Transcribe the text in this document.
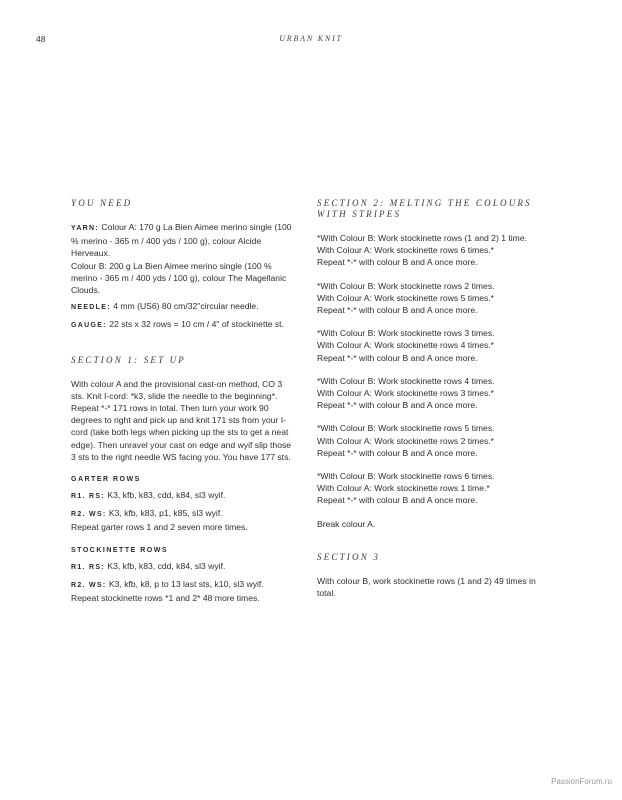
48	URBAN KNIT
YOU NEED

YARN: Colour A: 170 g La Bien Aimee merino single (100 % merino - 365 m / 400 yds / 100 g), colour Alcide Herveaux.
Colour B: 200 g La Bien Aimee merino single (100 % merino - 365 m / 400 yds / 100 g), colour The Magellanic Clouds.

NEEDLE: 4 mm (US6) 80 cm/32"circular needle.

GAUGE: 22 sts x 32 rows = 10 cm / 4" of stockinette st.

SECTION 1: SET UP

With colour A and the provisional cast-on method, CO 3 sts. Knit I-cord: *k3, slide the needle to the beginning*. Repeat *-* 171 rows in total. Then turn your work 90 degrees to right and pick up and knit 171 sts from your I-cord (take both legs when picking up the sts to get a neat edge). Then unravel your cast on edge and wyif slip those 3 sts to the right needle WS facing you. You have 177 sts.

GARTER ROWS

R1. RS: K3, kfb, k83, cdd, k84, sl3 wyif.

R2. WS: K3, kfb, k83, p1, k85, sl3 wyif.

Repeat garter rows 1 and 2 seven more times.

STOCKINETTE ROWS

R1. RS: K3, kfb, k83, cdd, k84, sl3 wyif.

R2. WS: K3, kfb, k8, p to 13 last sts, k10, sl3 wyif.

Repeat stockinette rows *1 and 2* 48 more times.

SECTION 2: MELTING THE COLOURS WITH STRIPES

*With Colour B: Work stockinette rows (1 and 2) 1 time.
With Colour A: Work stockinette rows 6 times.*
Repeat *-* with colour B and A once more.

*With Colour B: Work stockinette rows 2 times.
With Colour A: Work stockinette rows 5 times.*
Repeat *-* with colour B and A once more.

*With Colour B: Work stockinette rows 3 times.
With Colour A: Work stockinette rows 4 times.*
Repeat *-* with colour B and A once more.

*With Colour B: Work stockinette rows 4 times.
With Colour A: Work stockinette rows 3 times.*
Repeat *-* with colour B and A once more.

*With Colour B: Work stockinette rows 5 times.
With Colour A: Work stockinette rows 2 times.*
Repeat *-* with colour B and A once more.

*With Colour B: Work stockinette rows 6 times.
With Colour A: Work stockinette rows 1 time.*
Repeat *-* with colour B and A once more.

Break colour A.

SECTION 3

With colour B, work stockinette rows (1 and 2) 49 times in total.

PassionForum.ru
